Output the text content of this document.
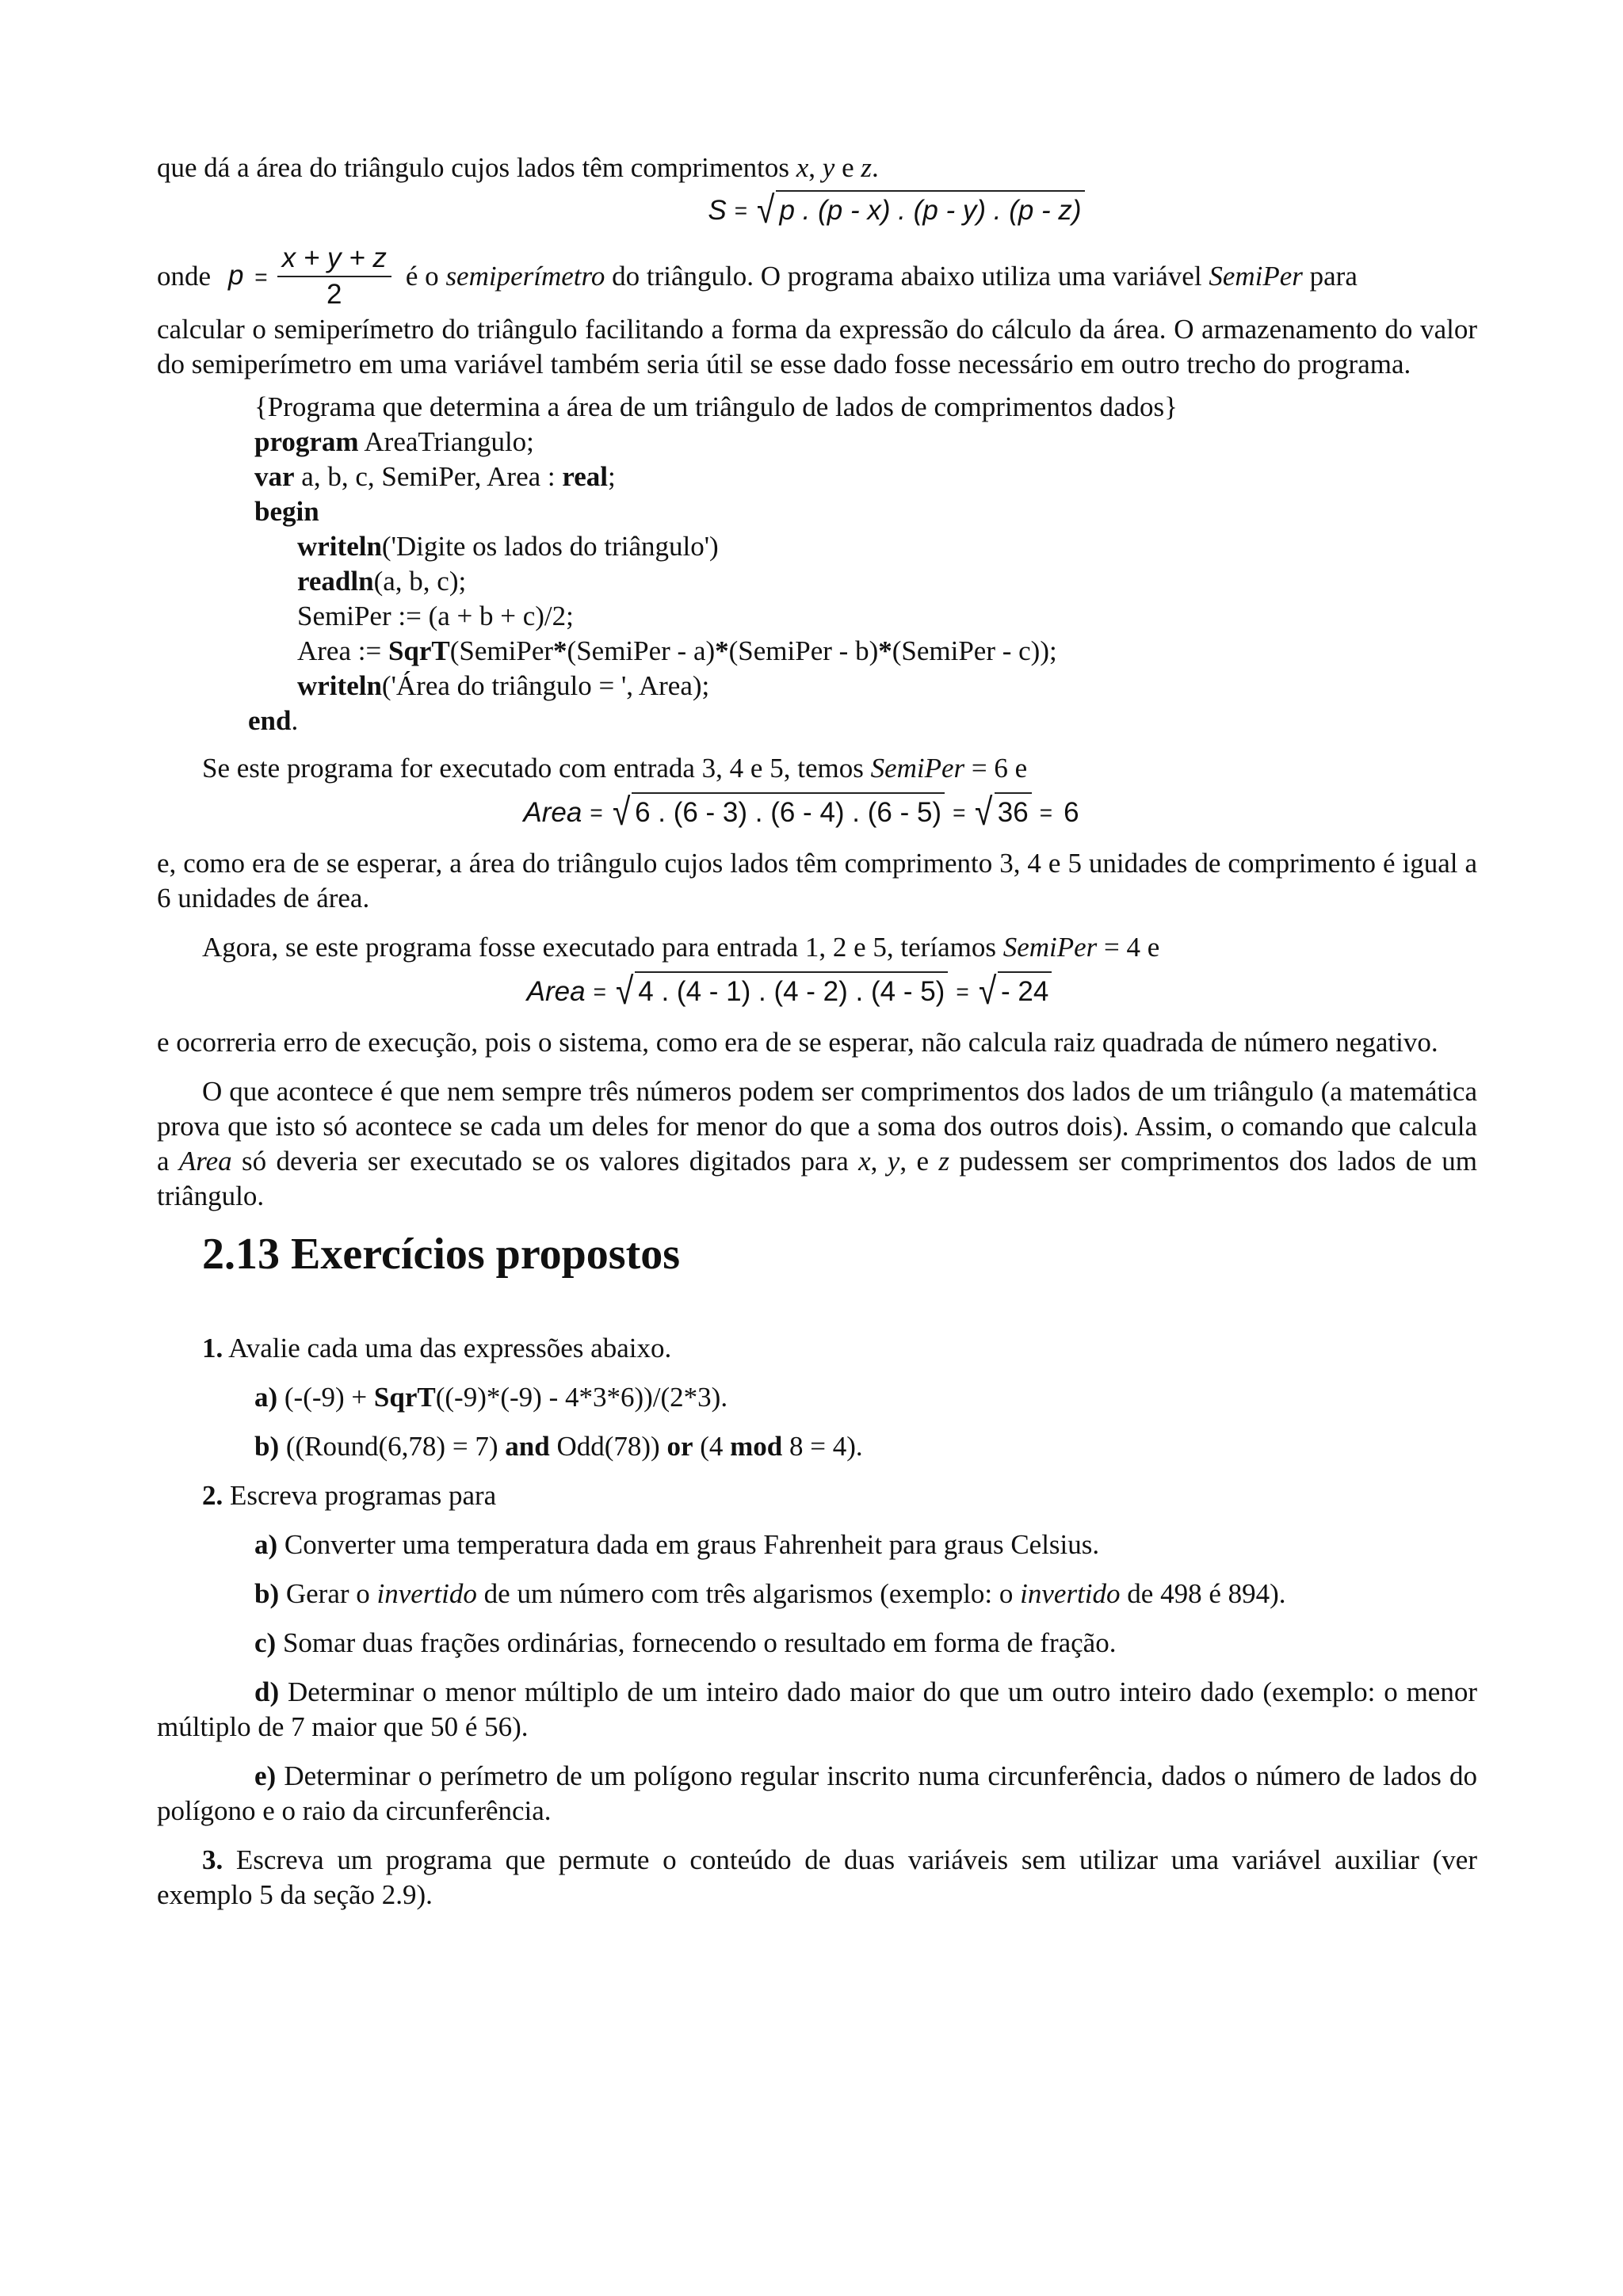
que dá a área do triângulo cujos lados têm comprimentos x, y e z.

S = √ p . (p - x) . (p - y) . (p - z)

onde $p = \frac{x + y + z}{2}$ é o semiperímetro do triângulo. O programa abaixo utiliza uma variável SemiPer para

calcular o semiperímetro do triângulo facilitando a forma da expressão do cálculo da área. O armazenamento do valor do semiperímetro em uma variável também seria útil se esse dado fosse necessário em outro trecho do programa.

{Programa que determina a área de um triângulo de lados de comprimentos dados}
program AreaTriangulo;
var a, b, c, SemiPer, Area : real;
begin
writeln('Digite os lados do triângulo')
readln(a, b, c);
SemiPer := (a + b + c)/2;
Area := SqrT(SemiPer*(SemiPer - a)*(SemiPer - b)*(SemiPer - c));
writeln('Área do triângulo = ', Area);
end.

Se este programa for executado com entrada 3, 4 e 5, temos SemiPer = 6 e

Area = √ 6 . (6 - 3) . (6 - 4) . (6 - 5) = √ 36 = 6

e, como era de se esperar, a área do triângulo cujos lados têm comprimento 3, 4 e 5 unidades de comprimento é igual a 6 unidades de área.

Agora, se este programa fosse executado para entrada 1, 2 e 5, teríamos SemiPer = 4 e

Area = √ 4 . (4 - 1) . (4 - 2) . (4 - 5) = √ - 24

e ocorreria erro de execução, pois o sistema, como era de se esperar, não calcula raiz quadrada de número negativo.

O que acontece é que nem sempre três números podem ser comprimentos dos lados de um triângulo (a matemática prova que isto só acontece se cada um deles for menor do que a soma dos outros dois). Assim, o comando que calcula a Area só deveria ser executado se os valores digitados para x, y, e z pudessem ser comprimentos dos lados de um triângulo.

2.13 Exercícios propostos

1. Avalie cada uma das expressões abaixo.

a) (-(-9) + SqrT((-9)*(-9) - 4*3*6))/(2*3).

b) ((Round(6,78) = 7) and Odd(78)) or (4 mod 8 = 4).

2. Escreva programas para

a) Converter uma temperatura dada em graus Fahrenheit para graus Celsius.

b) Gerar o invertido de um número com três algarismos (exemplo: o invertido de 498 é 894).

c) Somar duas frações ordinárias, fornecendo o resultado em forma de fração.

d) Determinar o menor múltiplo de um inteiro dado maior do que um outro inteiro dado (exemplo: o menor múltiplo de 7 maior que 50 é 56).

e) Determinar o perímetro de um polígono regular inscrito numa circunferência, dados o número de lados do polígono e o raio da circunferência.

3. Escreva um programa que permute o conteúdo de duas variáveis sem utilizar uma variável auxiliar (ver exemplo 5 da seção 2.9).
